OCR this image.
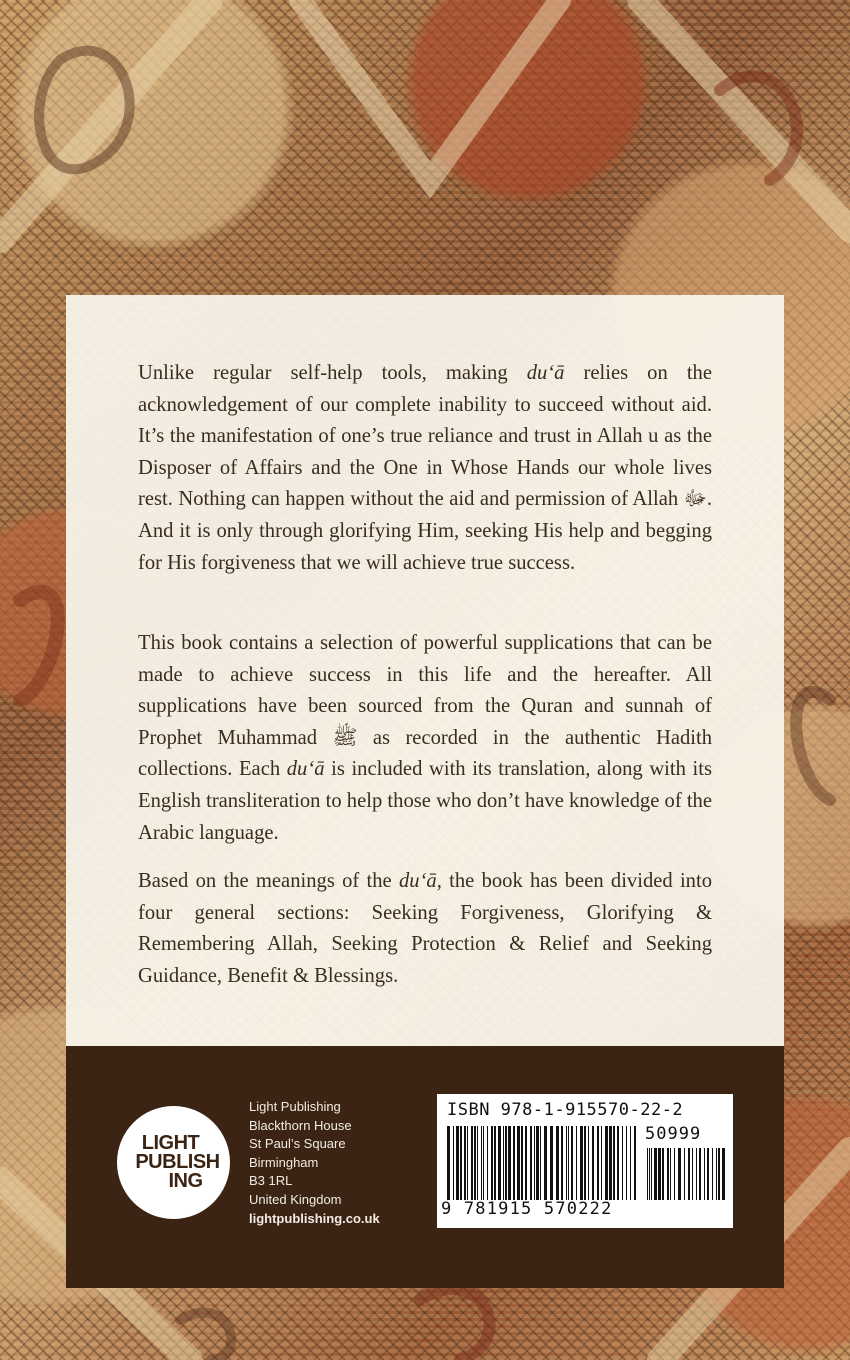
Unlike regular self-help tools, making du‘ā relies on the acknowledgement of our complete inability to succeed without aid. It’s the manifestation of one’s true reliance and trust in Allah u as the Disposer of Affairs and the One in Whose Hands our whole lives rest. Nothing can happen without the aid and permission of Allah ﷻ. And it is only through glorifying Him, seeking His help and begging for His forgiveness that we will achieve true success.

This book contains a selection of powerful supplications that can be made to achieve success in this life and the hereafter. All supplications have been sourced from the Quran and sunnah of Prophet Muhammad ﷺ as recorded in the authentic Hadith collections. Each du‘ā is included with its translation, along with its English transliteration to help those who don’t have knowledge of the Arabic language.

Based on the meanings of the du‘ā, the book has been divided into four general sections: Seeking Forgiveness, Glorifying & Remembering Allah, Seeking Protection & Relief and Seeking Guidance, Benefit & Blessings.

LIGHT
PUBLISH
ING
Light Publishing
Blackthorn House
St Paul’s Square
Birmingham
B3 1RL
United Kingdom
lightpublishing.co.uk
ISBN 978-1-915570-22-2
50999
9 781915 570222
